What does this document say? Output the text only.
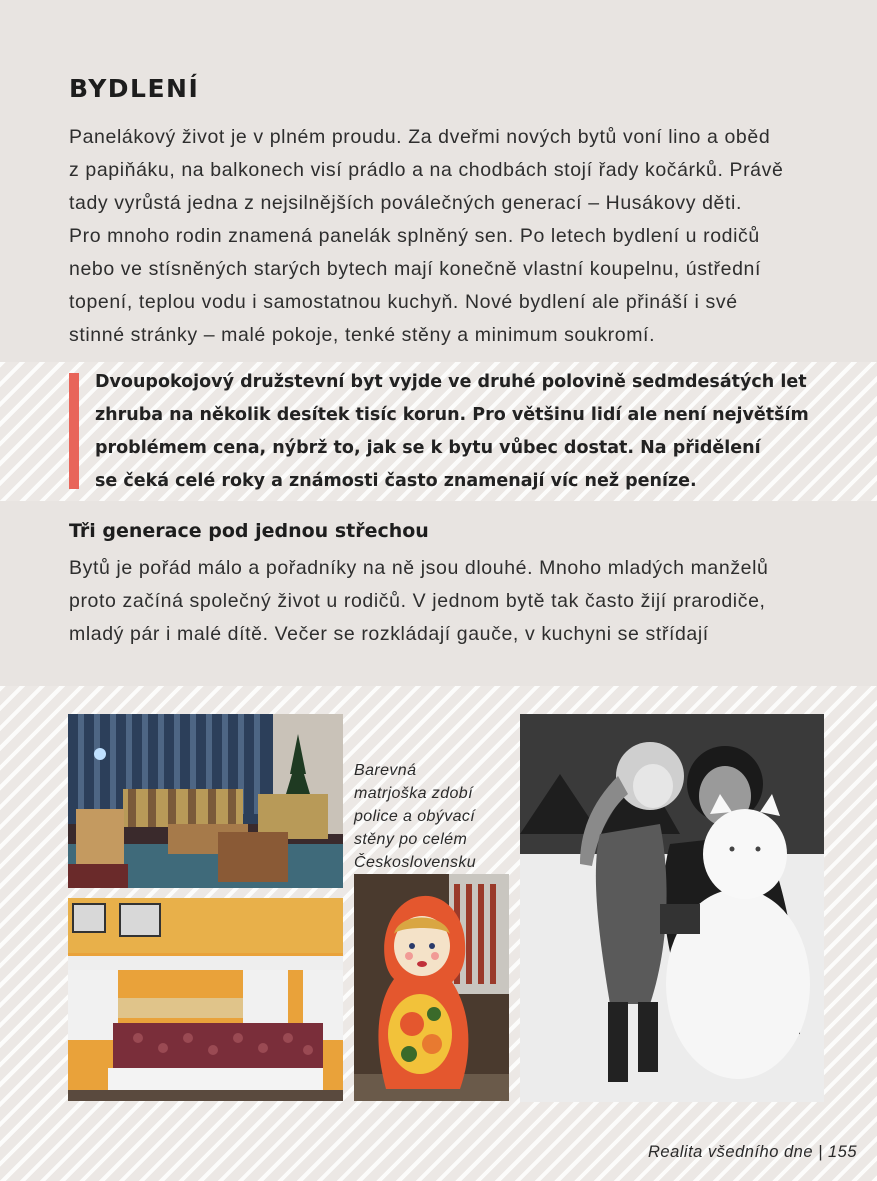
BYDLENÍ

Panelákový život je v plném proudu. Za dveřmi nových bytů voní lino a oběd
z papiňáku, na balkonech visí prádlo a na chodbách stojí řady kočárků. Právě
tady vyrůstá jedna z nejsilnějších poválečných generací – Husákovy děti.
Pro mnoho rodin znamená panelák splněný sen. Po letech bydlení u rodičů
nebo ve stísněných starých bytech mají konečně vlastní koupelnu, ústřední
topení, teplou vodu i samostatnou kuchyň. Nové bydlení ale přináší i své
stinné stránky – malé pokoje, tenké stěny a minimum soukromí.

Dvoupokojový družstevní byt vyjde ve druhé polovině sedmdesátých let
zhruba na několik desítek tisíc korun. Pro většinu lidí ale není největším
problémem cena, nýbrž to, jak se k bytu vůbec dostat. Na přidělení
se čeká celé roky a známosti často znamenají víc než peníze.

Tři generace pod jednou střechou

Bytů je pořád málo a pořadníky na ně jsou dlouhé. Mnoho mladých manželů
proto začíná společný život u rodičů. V jednom bytě tak často žijí prarodiče,
mladý pár i malé dítě. Večer se rozkládají gauče, v kuchyni se střídají

Barevná
matrjoška zdobí
police a obývací
stěny po celém
Československu

Realita všedního dne | 155
